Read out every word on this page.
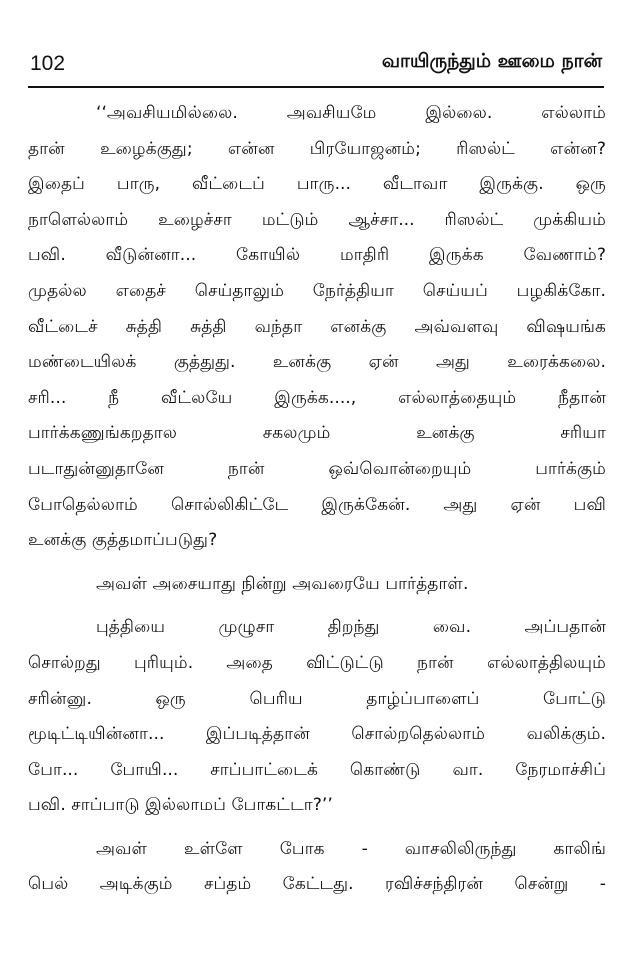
102	வாயிருந்தும் ஊமை நான்

‘‘அவசியமில்லை. அவசியமே இல்லை. எல்லாம்
தான் உழைக்குது; என்ன பிரயோஜனம்; ரிஸல்ட் என்ன?
இதைப் பாரு, வீட்டைப் பாரு... வீடாவா இருக்கு. ஒரு
நாளெல்லாம் உழைச்சா மட்டும் ஆச்சா... ரிஸல்ட் முக்கியம்
பவி. வீடுன்னா... கோயில் மாதிரி இருக்க வேணாம்?
முதல்ல எதைச் செய்தாலும் நேர்த்தியா செய்யப் பழகிக்கோ.
வீட்டைச் சுத்தி சுத்தி வந்தா எனக்கு அவ்வளவு விஷயங்க
மண்டையிலக் குத்துது. உனக்கு ஏன் அது உரைக்கலை.
சரி... நீ வீட்லயே இருக்க...., எல்லாத்தையும் நீதான்
பார்க்கணுங்கறதால சகலமும் உனக்கு சரியா
படாதுன்னுதானே நான் ஒவ்வொன்றையும் பார்க்கும்
போதெல்லாம் சொல்லிகிட்டே இருக்கேன். அது ஏன் பவி
உனக்கு குத்தமாப்படுது?

அவள் அசையாது நின்று அவரையே பார்த்தாள்.

புத்தியை முழுசா திறந்து வை. அப்பதான்
சொல்றது புரியும். அதை விட்டுட்டு நான் எல்லாத்திலயும்
சரின்னு. ஒரு பெரிய தாழ்ப்பாளைப் போட்டு
மூடிட்டியின்னா... இப்படித்தான் சொல்றதெல்லாம் வலிக்கும்.
போ... போயி... சாப்பாட்டைக் கொண்டு வா. நேரமாச்சிப்
பவி. சாப்பாடு இல்லாமப் போகட்டா?’’

அவள் உள்ளே போக - வாசலிலிருந்து காலிங்
பெல் அடிக்கும் சப்தம் கேட்டது. ரவிச்சந்திரன் சென்று -
